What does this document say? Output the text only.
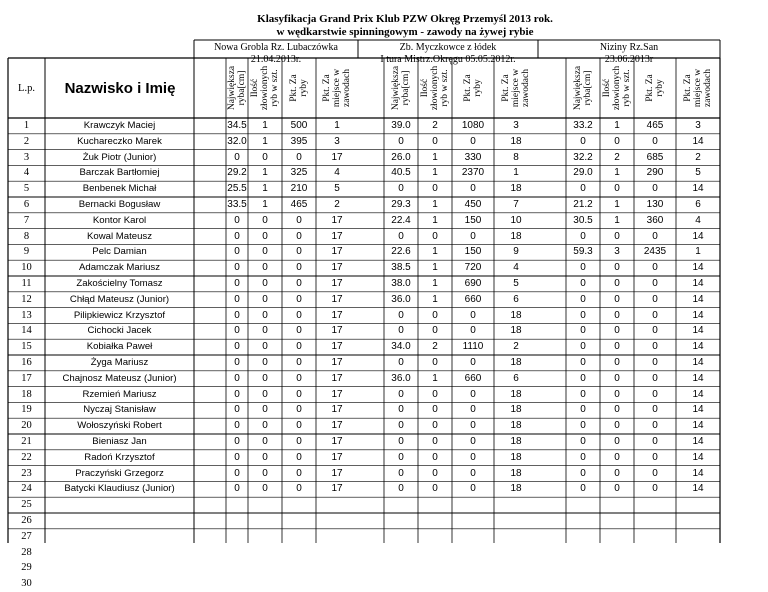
Klasyfikacja Grand Prix Klub PZW Okręg Przemyśl 2013 rok.
w wędkarstwie spinningowym - zawody na żywej rybie
L.p.	Nazwisko i Imię
Nowa Grobla Rz. Lubaczówka
21.04.2013r.
Zb. Myczkowce z łódek
I tura Mistrz.Okręgu 05.05.2012r.
Niziny Rz.San
23.06.2013r
Największa ryba[cm] Ilość złowionych ryb w szt. Pkt. Za ryby Pkt. Za miejsce w zawodach	Największa ryba[cm] Ilość złowionych ryb w szt. Pkt. Za ryby Pkt. Za miejsce w zawodach	Największa ryba[cm] Ilość złowionych ryb w szt. Pkt. Za ryby Pkt. Za miejsce w zawodach
1	Krawczyk Maciej	34.5	1	500	1	39.0	2	1080	3	33.2	1	465	3
2	Kuchareczko Marek	32.0	1	395	3	0	0	0	18	0	0	0	14
3	Żuk Piotr (Junior)	0	0	0	17	26.0	1	330	8	32.2	2	685	2
4	Barczak Bartłomiej	29.2	1	325	4	40.5	1	2370	1	29.0	1	290	5
5	Benbenek Michał	25.5	1	210	5	0	0	0	18	0	0	0	14
6	Bernacki Bogusław	33.5	1	465	2	29.3	1	450	7	21.2	1	130	6
7	Kontor Karol	0	0	0	17	22.4	1	150	10	30.5	1	360	4
8	Kowal Mateusz	0	0	0	17	0	0	0	18	0	0	0	14
9	Pelc Damian	0	0	0	17	22.6	1	150	9	59.3	3	2435	1
10	Adamczak Mariusz	0	0	0	17	38.5	1	720	4	0	0	0	14
11	Zakościelny Tomasz	0	0	0	17	38.0	1	690	5	0	0	0	14
12	Chłąd Mateusz (Junior)	0	0	0	17	36.0	1	660	6	0	0	0	14
13	Pilipkiewicz Krzysztof	0	0	0	17	0	0	0	18	0	0	0	14
14	Cichocki Jacek	0	0	0	17	0	0	0	18	0	0	0	14
15	Kobiałka Paweł	0	0	0	17	34.0	2	1110	2	0	0	0	14
16	Żyga Mariusz	0	0	0	17	0	0	0	18	0	0	0	14
17	Chajnosz Mateusz (Junior)	0	0	0	17	36.0	1	660	6	0	0	0	14
18	Rzemień Mariusz	0	0	0	17	0	0	0	18	0	0	0	14
19	Nyczaj Stanisław	0	0	0	17	0	0	0	18	0	0	0	14
20	Wołoszyński Robert	0	0	0	17	0	0	0	18	0	0	0	14
21	Bieniasz Jan	0	0	0	17	0	0	0	18	0	0	0	14
22	Radoń Krzysztof	0	0	0	17	0	0	0	18	0	0	0	14
23	Praczyński Grzegorz	0	0	0	17	0	0	0	18	0	0	0	14
24	Batycki Klaudiusz (Junior)	0	0	0	17	0	0	0	18	0	0	0	14
25
26
27
28
29
30
